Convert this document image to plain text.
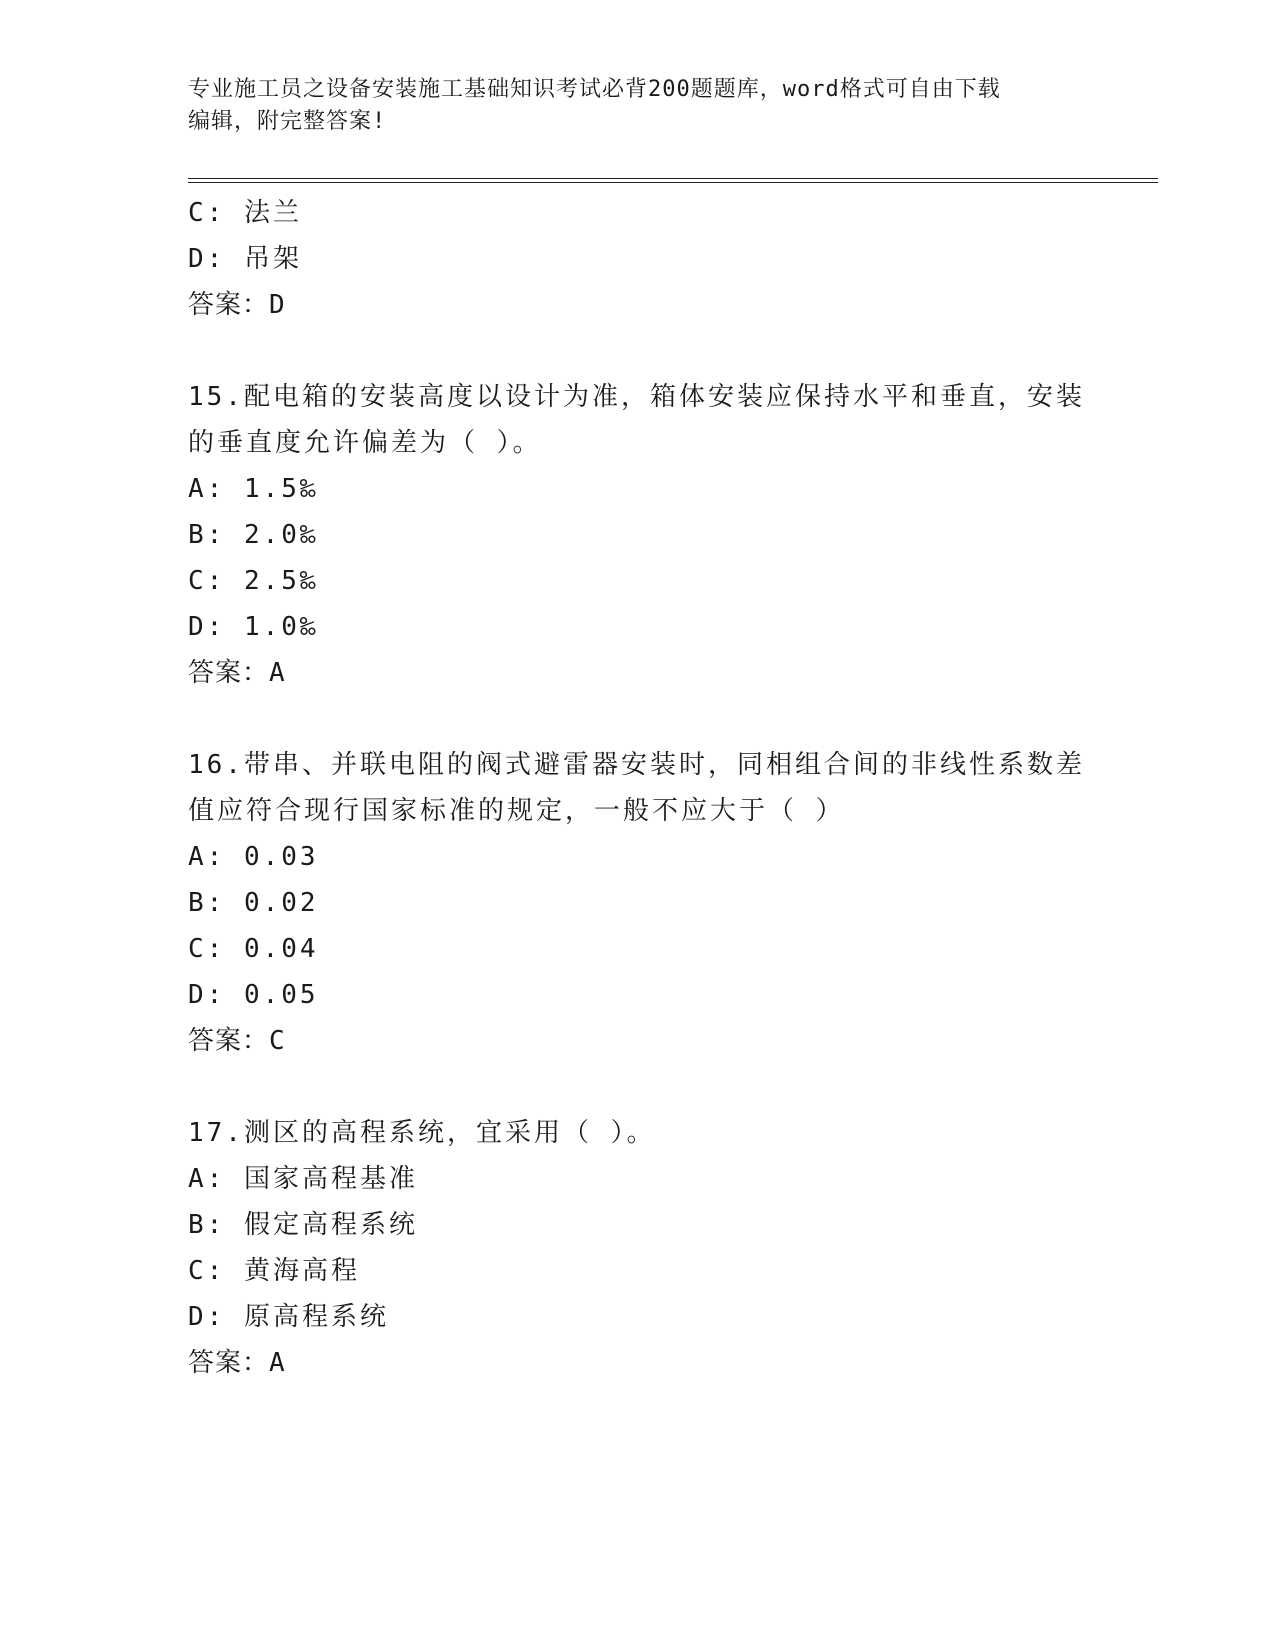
专业施工员之设备安装施工基础知识考试必背200题题库，word格式可自由下载
编辑，附完整答案!
C: 法兰
D: 吊架
答案：D
15.配电箱的安装高度以设计为准，箱体安装应保持水平和垂直，安装
的垂直度允许偏差为（ ）。
A: 1.5‰
B: 2.0‰
C: 2.5‰
D: 1.0‰
答案：A
16.带串、并联电阻的阀式避雷器安装时，同相组合间的非线性系数差
值应符合现行国家标准的规定，一般不应大于（ ）
A: 0.03
B: 0.02
C: 0.04
D: 0.05
答案：C
17.测区的高程系统，宜采用（ ）。
A: 国家高程基准
B: 假定高程系统
C: 黄海高程
D: 原高程系统
答案：A
